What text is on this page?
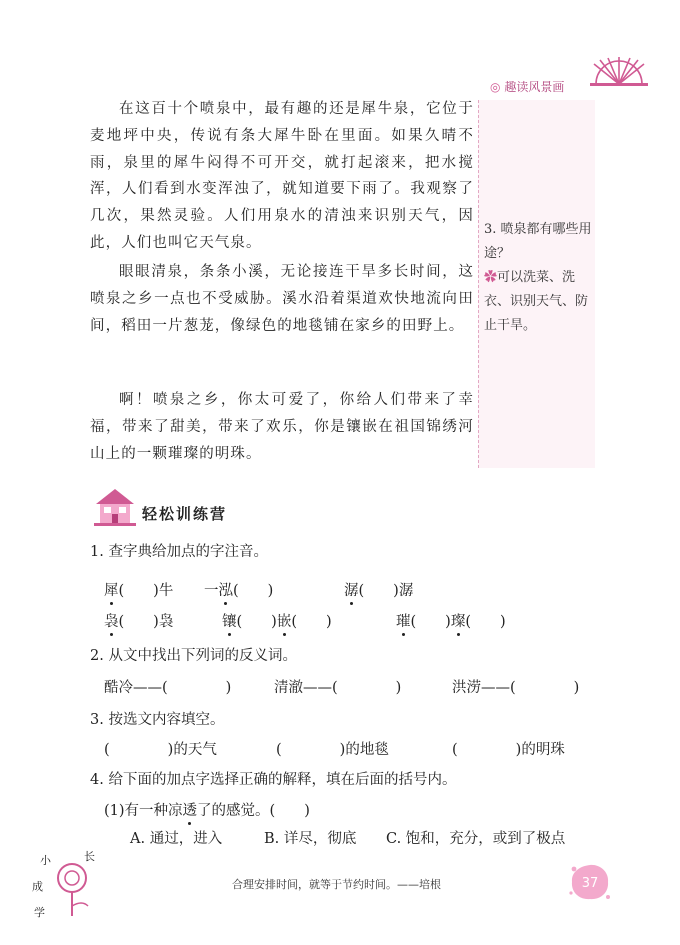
◎ 趣读风景画
3. 喷泉都有哪些用途？
✿可以洗菜、洗衣、识别天气、防止干旱。

在这百十个喷泉中，最有趣的还是犀牛泉，它位于麦地坪中央，传说有条大犀牛卧在里面。如果久晴不雨，泉里的犀牛闷得不可开交，就打起滚来，把水搅浑，人们看到水变浑浊了，就知道要下雨了。我观察了几次，果然灵验。人们用泉水的清浊来识别天气，因此，人们也叫它天气泉。

眼眼清泉，条条小溪，无论接连干旱多长时间，这喷泉之乡一点也不受威胁。溪水沿着渠道欢快地流向田间，稻田一片葱茏，像绿色的地毯铺在家乡的田野上。

啊！喷泉之乡，你太可爱了，你给人们带来了幸福，带来了甜美，带来了欢乐，你是镶嵌在祖国锦绣河山上的一颗璀璨的明珠。

轻松训练营
1. 查字典给加点的字注音。
犀(　　)牛 一泓(　　)	潺(　　)潺
袅(　　)袅	镶(　　)嵌(　　)	璀(　　)璨(　　)
2. 从文中找出下列词的反义词。
酷冷——(　　　　)	清澈——(　　　　)	洪涝——(　　　　)
3. 按选文内容填空。
(　　　　)的天气	(　　　　)的地毯	(　　　　)的明珠
4. 给下面的加点字选择正确的解释，填在后面的括号内。
(1)有一种凉透了的感觉。(　　)
A. 通过，进入	B. 详尽，彻底 C. 饱和，充分，或到了极点
小
学
成
长
合理安排时间，就等于节约时间。——培根	37
